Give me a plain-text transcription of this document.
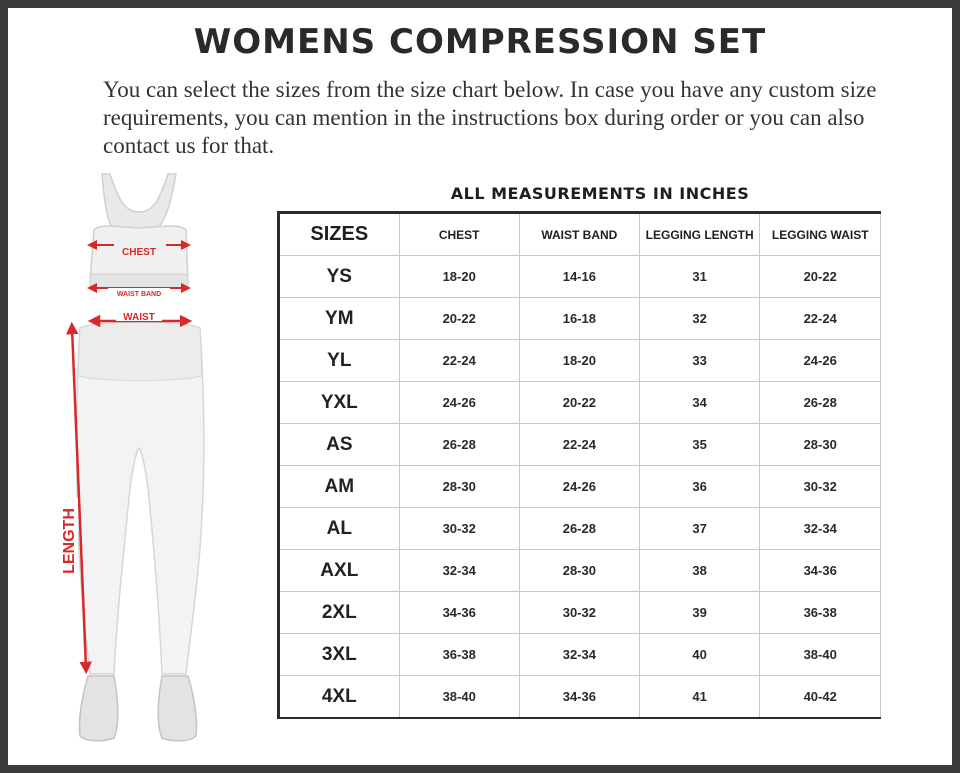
WOMENS COMPRESSION SET
You can select the sizes from the size chart below. In case you have any custom size requirements, you can mention in the instructions box during order or you can also contact us for that.
CHEST
WAIST BAND
WAIST
LENGTH
ALL MEASUREMENTS IN INCHES
SIZES	CHEST	WAIST BAND	LEGGING LENGTH	LEGGING WAIST
YS	18-20	14-16	31	20-22
YM	20-22	16-18	32	22-24
YL	22-24	18-20	33	24-26
YXL	24-26	20-22	34	26-28
AS	26-28	22-24	35	28-30
AM	28-30	24-26	36	30-32
AL	30-32	26-28	37	32-34
AXL	32-34	28-30	38	34-36
2XL	34-36	30-32	39	36-38
3XL	36-38	32-34	40	38-40
4XL	38-40	34-36	41	40-42
